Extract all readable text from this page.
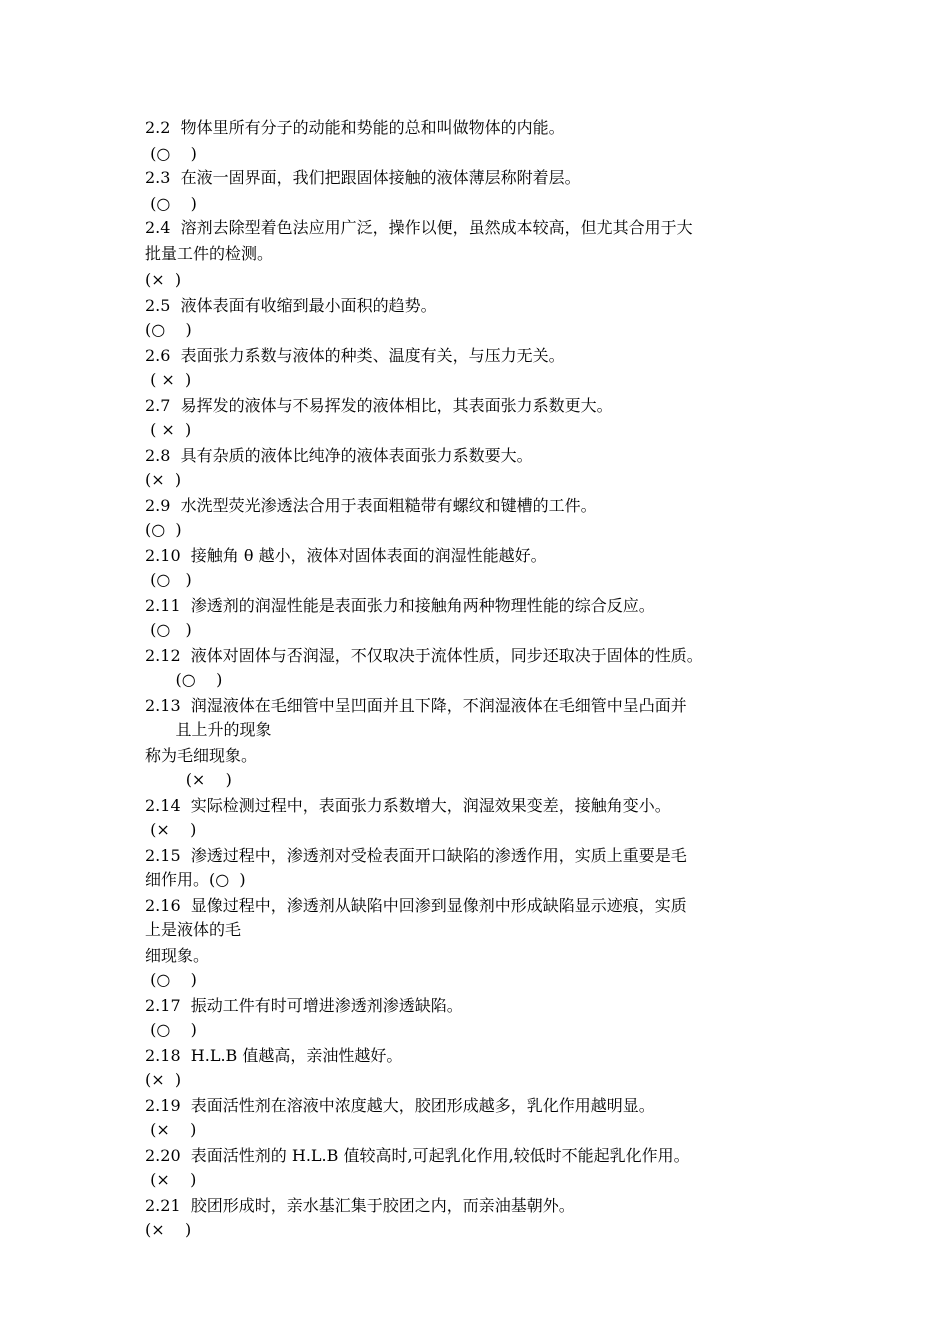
2.2  物体里所有分子的动能和势能的总和叫做物体的内能。
(○    )
2.3  在液一固界面，我们把跟固体接触的液体薄层称附着层。
(○    )
2.4  溶剂去除型着色法应用广泛，操作以便，虽然成本较高，但尤其合用于大
批量工件的检测。
(×  )
2.5  液体表面有收缩到最小面积的趋势。
(○    )
2.6  表面张力系数与液体的种类、温度有关，与压力无关。
( ×  )
2.7  易挥发的液体与不易挥发的液体相比，其表面张力系数更大。
( ×  )
2.8  具有杂质的液体比纯净的液体表面张力系数要大。
(×  )
2.9  水洗型荧光渗透法合用于表面粗糙带有螺纹和键槽的工件。
(○  )
2.10  接触角 θ 越小，液体对固体表面的润湿性能越好。
(○   )
2.11  渗透剂的润湿性能是表面张力和接触角两种物理性能的综合反应。
(○   )
2.12  液体对固体与否润湿，不仅取决于流体性质，同步还取决于固体的性质。
(○    )
2.13  润湿液体在毛细管中呈凹面并且下降，不润湿液体在毛细管中呈凸面并
且上升的现象
称为毛细现象。
(×    )
2.14  实际检测过程中，表面张力系数增大，润湿效果变差，接触角变小。
(×    )
2.15  渗透过程中，渗透剂对受检表面开口缺陷的渗透作用，实质上重要是毛
细作用。(○  )
2.16  显像过程中，渗透剂从缺陷中回渗到显像剂中形成缺陷显示迹痕，实质
上是液体的毛
细现象。
(○    )
2.17  振动工件有时可增进渗透剂渗透缺陷。
(○    )
2.18  H.L.B 值越高，亲油性越好。
(×  )
2.19  表面活性剂在溶液中浓度越大，胶团形成越多，乳化作用越明显。
(×    )
2.20  表面活性剂的 H.L.B 值较高时,可起乳化作用,较低时不能起乳化作用。
(×    )
2.21  胶团形成时，亲水基汇集于胶团之内，而亲油基朝外。
(×    )
